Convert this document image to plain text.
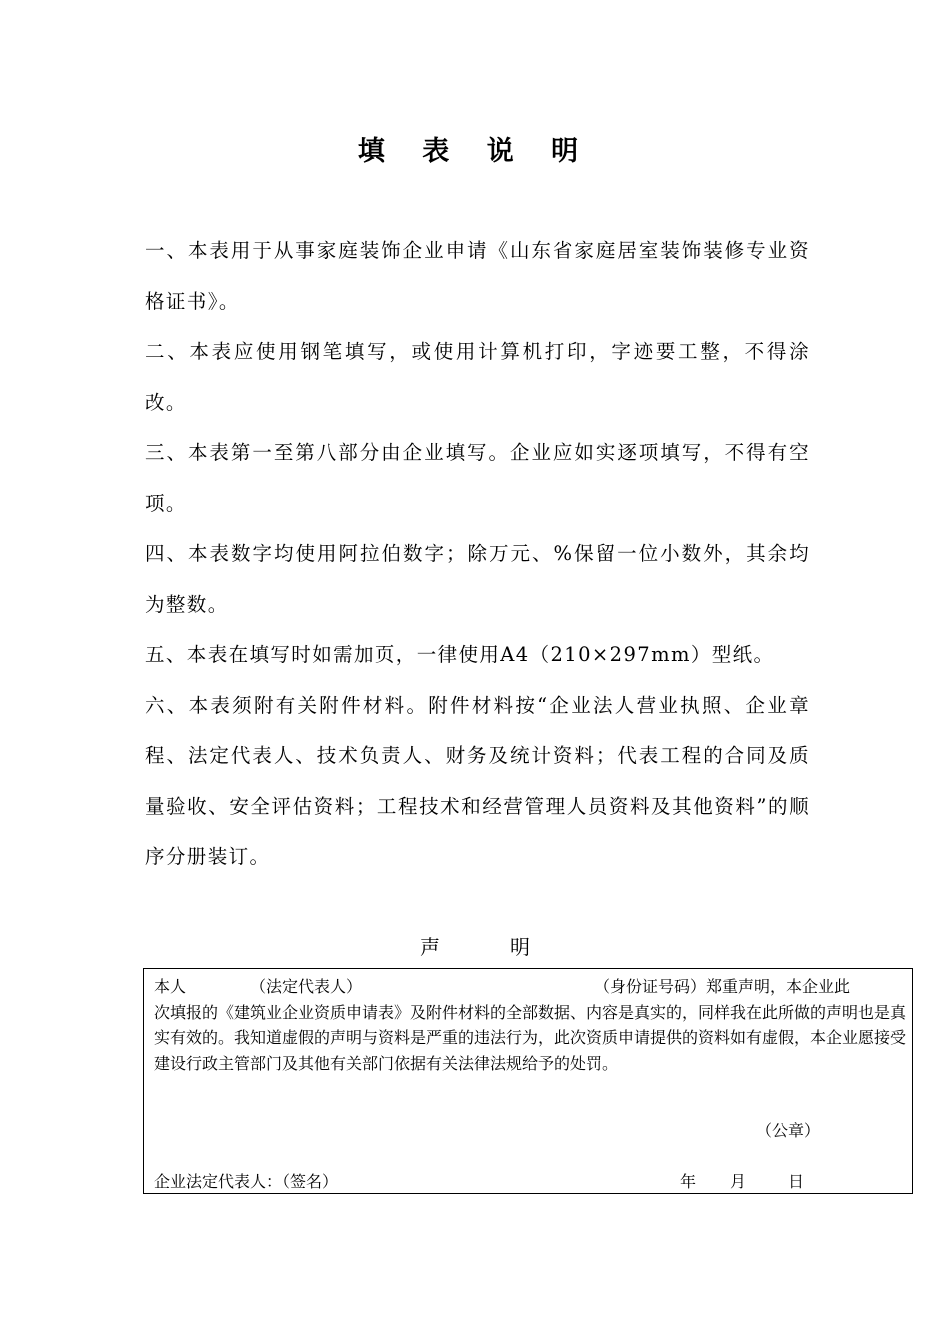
填 表 说 明

一、本表用于从事家庭装饰企业申请《山东省家庭居室装饰装修专业资格证书》。

二、本表应使用钢笔填写，或使用计算机打印，字迹要工整，不得涂改。

三、本表第一至第八部分由企业填写。企业应如实逐项填写，不得有空项。

四、本表数字均使用阿拉伯数字；除万元、%保留一位小数外，其余均为整数。

五、本表在填写时如需加页，一律使用A4（210×297mm）型纸。

六、本表须附有关附件材料。附件材料按“企业法人营业执照、企业章程、法定代表人、技术负责人、财务及统计资料；代表工程的合同及质量验收、安全评估资料；工程技术和经营管理人员资料及其他资料”的顺序分册装订。

声	明
本人	（法定代表人）	（身份证号码）郑重声明，本企业此

次填报的《建筑业企业资质申请表》及附件材料的全部数据、内容是真实的，同样我在此所做的声明也是真实有效的。我知道虚假的声明与资料是严重的违法行为，此次资质申请提供的资料如有虚假，本企业愿接受建设行政主管部门及其他有关部门依据有关法律法规给予的处罚。

（公章）
企业法定代表人：（签名）	年 月	日
